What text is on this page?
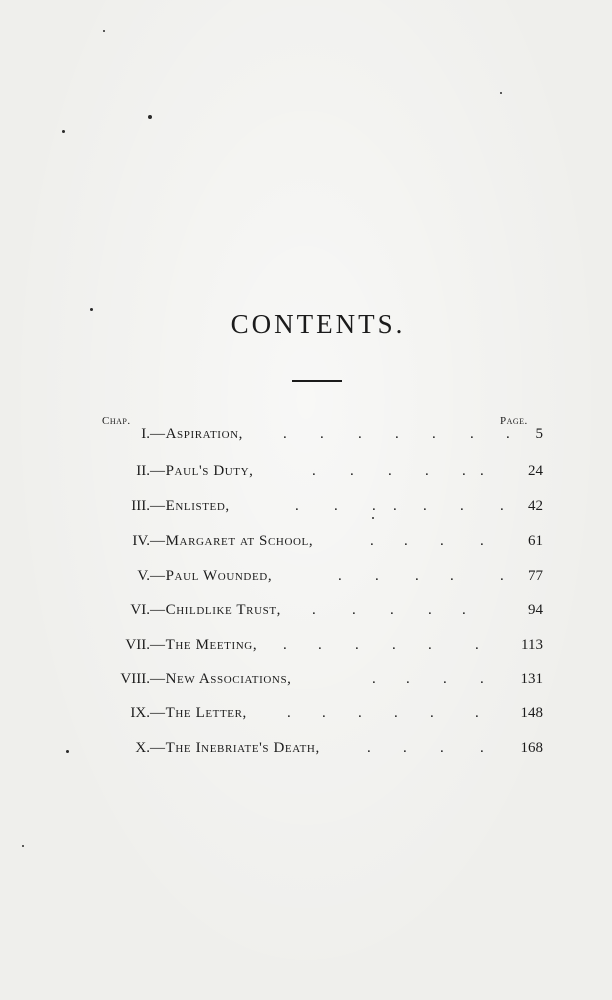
CONTENTS.
Chap.	Page.
I. —Aspiration,	. . . . . . . 5
II. —Paul's Duty,	. . . . . .	24
III. —Enlisted,	. . . . . . . 42
IV. —Margaret at School,	. . . .	61
V. —Paul Wounded,	. . . .	. 77
VI. —Childlike Trust, . . . . .	94
VII. —The Meeting, . . . . .	.	113
VIII. —New Associations,	. . . . 131
IX. —The Letter,	. . . . .	.	148
X. —The Inebriate's Death,	. . . . 168
